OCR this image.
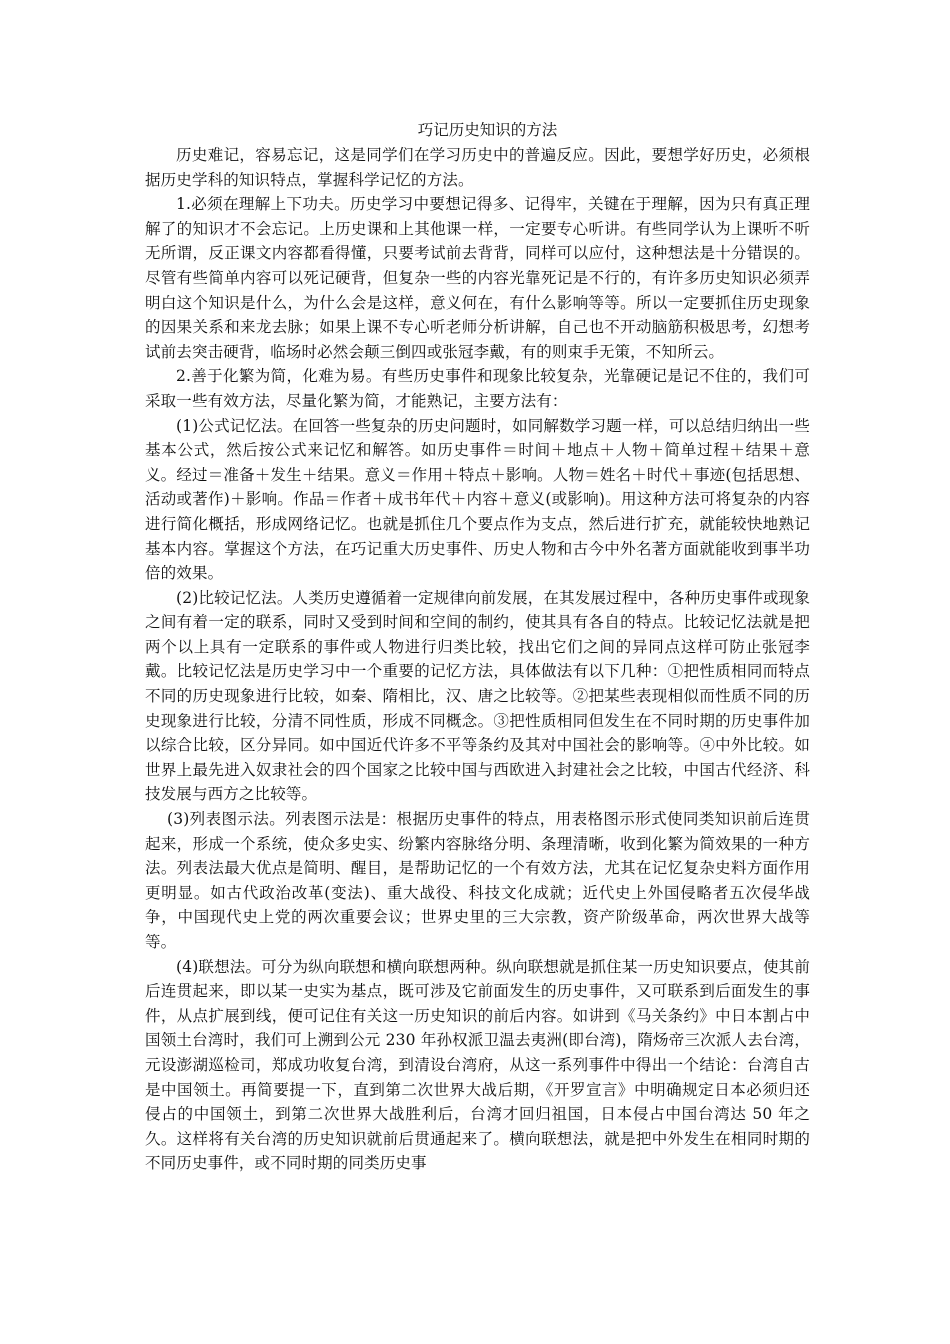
巧记历史知识的方法

历史难记，容易忘记，这是同学们在学习历史中的普遍反应。因此，要想学好历史，必须根据历史学科的知识特点，掌握科学记忆的方法。

1.必须在理解上下功夫。历史学习中要想记得多、记得牢，关键在于理解，因为只有真正理解了的知识才不会忘记。上历史课和上其他课一样，一定要专心听讲。有些同学认为上课听不听无所谓，反正课文内容都看得懂，只要考试前去背背，同样可以应付，这种想法是十分错误的。尽管有些简单内容可以死记硬背，但复杂一些的内容光靠死记是不行的，有许多历史知识必须弄明白这个知识是什么，为什么会是这样，意义何在，有什么影响等等。所以一定要抓住历史现象的因果关系和来龙去脉；如果上课不专心听老师分析讲解，自己也不开动脑筋积极思考，幻想考试前去突击硬背，临场时必然会颠三倒四或张冠李戴，有的则束手无策，不知所云。

2.善于化繁为简，化难为易。有些历史事件和现象比较复杂，光靠硬记是记不住的，我们可采取一些有效方法，尽量化繁为简，才能熟记，主要方法有：

(1)公式记忆法。在回答一些复杂的历史问题时，如同解数学习题一样，可以总结归纳出一些基本公式，然后按公式来记忆和解答。如历史事件＝时间＋地点＋人物＋简单过程＋结果＋意义。经过＝准备＋发生＋结果。意义＝作用＋特点＋影响。人物＝姓名＋时代＋事迹(包括思想、活动或著作)＋影响。作品＝作者＋成书年代＋内容＋意义(或影响)。用这种方法可将复杂的内容进行简化概括，形成网络记忆。也就是抓住几个要点作为支点，然后进行扩充，就能较快地熟记基本内容。掌握这个方法，在巧记重大历史事件、历史人物和古今中外名著方面就能收到事半功倍的效果。

(2)比较记忆法。人类历史遵循着一定规律向前发展，在其发展过程中，各种历史事件或现象之间有着一定的联系，同时又受到时间和空间的制约，使其具有各自的特点。比较记忆法就是把两个以上具有一定联系的事件或人物进行归类比较，找出它们之间的异同点这样可防止张冠李戴。比较记忆法是历史学习中一个重要的记忆方法，具体做法有以下几种：①把性质相同而特点不同的历史现象进行比较，如秦、隋相比，汉、唐之比较等。②把某些表现相似而性质不同的历史现象进行比较，分清不同性质，形成不同概念。③把性质相同但发生在不同时期的历史事件加以综合比较，区分异同。如中国近代许多不平等条约及其对中国社会的影响等。④中外比较。如世界上最先进入奴隶社会的四个国家之比较中国与西欧进入封建社会之比较，中国古代经济、科技发展与西方之比较等。

(3)列表图示法。列表图示法是：根据历史事件的特点，用表格图示形式使同类知识前后连贯起来，形成一个系统，使众多史实、纷繁内容脉络分明、条理清晰，收到化繁为简效果的一种方法。列表法最大优点是简明、醒目，是帮助记忆的一个有效方法，尤其在记忆复杂史料方面作用更明显。如古代政治改革(变法)、重大战役、科技文化成就；近代史上外国侵略者五次侵华战争，中国现代史上党的两次重要会议；世界史里的三大宗教，资产阶级革命，两次世界大战等等。

(4)联想法。可分为纵向联想和横向联想两种。纵向联想就是抓住某一历史知识要点，使其前后连贯起来，即以某一史实为基点，既可涉及它前面发生的历史事件，又可联系到后面发生的事件，从点扩展到线，便可记住有关这一历史知识的前后内容。如讲到《马关条约》中日本割占中国领土台湾时，我们可上溯到公元 230 年孙权派卫温去夷洲(即台湾)，隋炀帝三次派人去台湾，元设澎湖巡检司，郑成功收复台湾，到清设台湾府，从这一系列事件中得出一个结论：台湾自古是中国领土。再简要提一下，直到第二次世界大战后期，《开罗宣言》中明确规定日本必须归还侵占的中国领土，到第二次世界大战胜利后，台湾才回归祖国，日本侵占中国台湾达 50 年之久。这样将有关台湾的历史知识就前后贯通起来了。横向联想法，就是把中外发生在相同时期的不同历史事件，或不同时期的同类历史事
